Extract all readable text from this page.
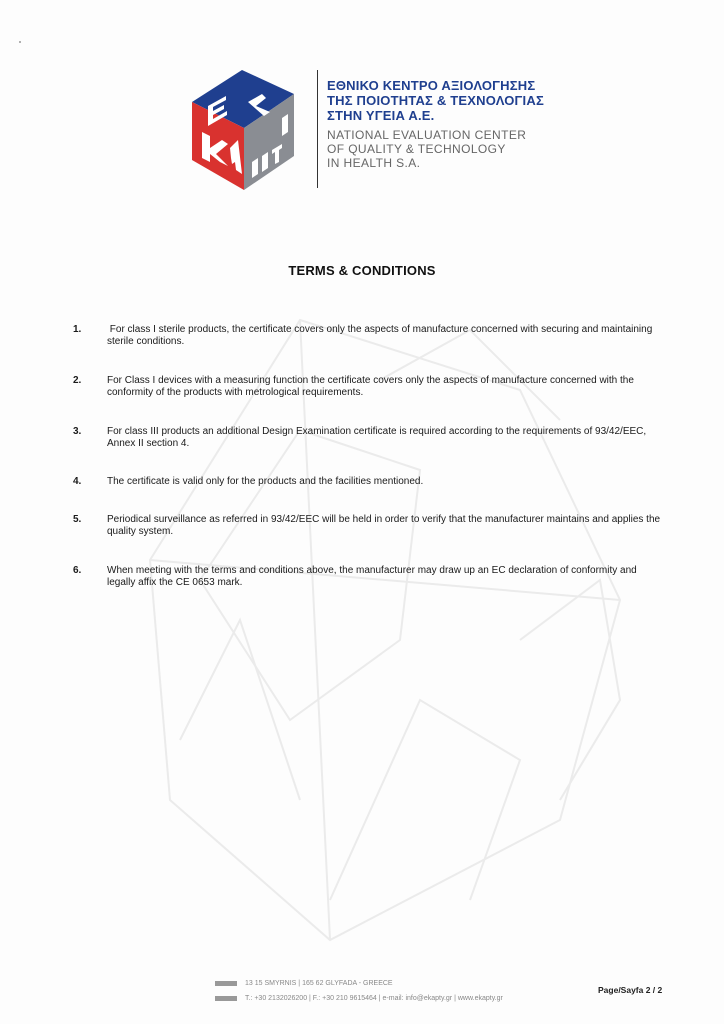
ΕΘΝΙΚΟ ΚΕΝΤΡΟ ΑΞΙΟΛΟΓΗΣΗΣ
ΤΗΣ ΠΟΙΟΤΗΤΑΣ & ΤΕΧΝΟΛΟΓΙΑΣ
ΣΤΗΝ ΥΓΕΙΑ Α.Ε.
NATIONAL EVALUATION CENTER
OF QUALITY & TECHNOLOGY
IN HEALTH S.A.
TERMS & CONDITIONS
1.	For class I sterile products, the certificate covers only the aspects of manufacture concerned with securing and maintaining sterile conditions.
2.	For Class I devices with a measuring function the certificate covers only the aspects of manufacture concerned with the conformity of the products with metrological requirements.
3.	For class III products an additional Design Examination certificate is required according to the requirements of 93/42/EEC, Annex II section 4.
4.	The certificate is valid only for the products and the facilities mentioned.
5.	Periodical surveillance as referred in 93/42/EEC will be held in order to verify that the manufacturer maintains and applies the quality system.
6.	When meeting with the terms and conditions above, the manufacturer may draw up an EC declaration of conformity and legally affix the CE 0653 mark.
13 15 SMYRNIS | 165 62 GLYFADA - GREECE
T.: +30 2132026200 | F.: +30 210 9615464 | e-mail: info@ekapty.gr | www.ekapty.gr
Page/Sayfa 2 / 2
